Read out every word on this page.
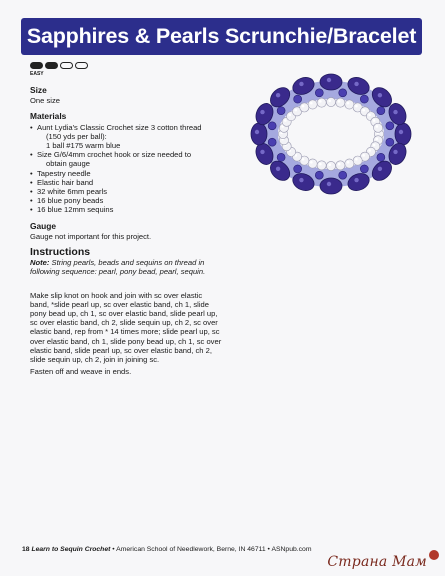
Sapphires & Pearls Scrunchie/Bracelet
EASY

Size

One size

Materials

• Aunt Lydia's Classic Crochet size 3 cotton thread
(150 yds per ball):
1 ball #175 warm blue
• Size G/6/4mm crochet hook or size needed to
obtain gauge
• Tapestry needle
• Elastic hair band
• 32 white 6mm pearls
• 16 blue pony beads
• 16 blue 12mm sequins

Gauge

Gauge not important for this project.

Instructions

Note: String pearls, beads and sequins on thread in
following sequence: pearl, pony bead, pearl, sequin.
Make slip knot on hook and join with sc over elastic
band, *slide pearl up, sc over elastic band, ch 1, slide
pony bead up, ch 1, sc over elastic band, slide pearl up,
sc over elastic band, ch 2, slide sequin up, ch 2, sc over
elastic band, rep from * 14 times more; slide pearl up, sc
over elastic band, ch 1, slide pony bead up, ch 1, sc over
elastic band, slide pearl up, sc over elastic band, ch 2,
slide sequin up, ch 2, join in joining sc.

Fasten off and weave in ends.

18 Learn to Sequin Crochet • American School of Needlework, Berne, IN 46711 • ASNpub.com
Страна Мам
